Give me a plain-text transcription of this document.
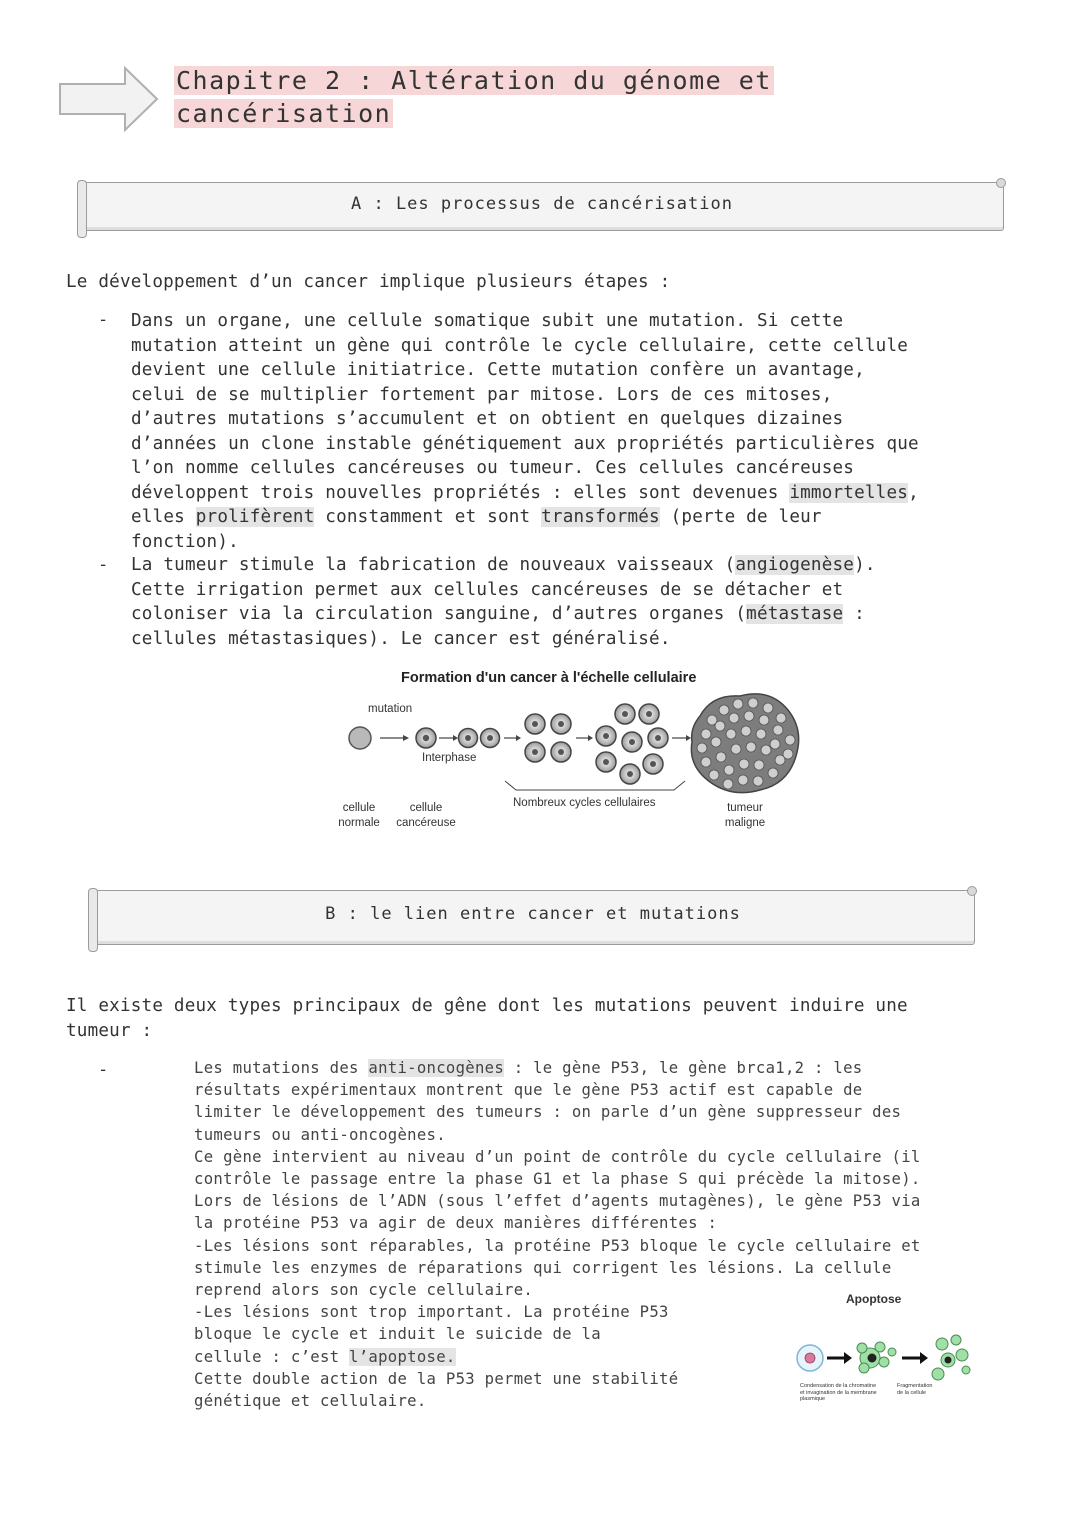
Chapitre 2 : Altération du génome et
cancérisation
A : Les processus de cancérisation
Le développement d’un cancer implique plusieurs étapes :
- Dans un organe, une cellule somatique subit une mutation. Si cette
mutation atteint un gène qui contrôle le cycle cellulaire, cette cellule
devient une cellule initiatrice. Cette mutation confère un avantage,
celui de se multiplier fortement par mitose. Lors de ces mitoses,
d’autres mutations s’accumulent et on obtient en quelques dizaines
d’années un clone instable génétiquement aux propriétés particulières que
l’on nomme cellules cancéreuses ou tumeur. Ces cellules cancéreuses
développent trois nouvelles propriétés : elles sont devenues immortelles,
elles prolifèrent constamment et sont transformés (perte de leur
fonction).
- La tumeur stimule la fabrication de nouveaux vaisseaux (angiogenèse).
Cette irrigation permet aux cellules cancéreuses de se détacher et
coloniser via la circulation sanguine, d’autres organes (métastase :
cellules métastasiques). Le cancer est généralisé.
Formation d'un cancer à l'échelle cellulaire
mutation
Interphase
Nombreux cycles cellulaires
cellule
normale
cellule
cancéreuse
tumeur
maligne
B : le lien entre cancer et mutations
Il existe deux types principaux de gêne dont les mutations peuvent induire une
tumeur :
-	Les mutations des anti-oncogènes : le gène P53, le gène brca1,2 : les
résultats expérimentaux montrent que le gène P53 actif est capable de
limiter le développement des tumeurs : on parle d’un gène suppresseur des
tumeurs ou anti-oncogènes.
Ce gène intervient au niveau d’un point de contrôle du cycle cellulaire (il
contrôle le passage entre la phase G1 et la phase S qui précède la mitose).
Lors de lésions de l’ADN (sous l’effet d’agents mutagènes), le gène P53 via
la protéine P53 va agir de deux manières différentes :
-Les lésions sont réparables, la protéine P53 bloque le cycle cellulaire et
stimule les enzymes de réparations qui corrigent les lésions. La cellule
reprend alors son cycle cellulaire.
-Les lésions sont trop important. La protéine P53
bloque le cycle et induit le suicide de la
cellule : c’est l’apoptose.
Cette double action de la P53 permet une stabilité
génétique et cellulaire.
Apoptose
Condensation de la chromatine
et invagination de la membrane
plasmique
Fragmentation
de la cellule
